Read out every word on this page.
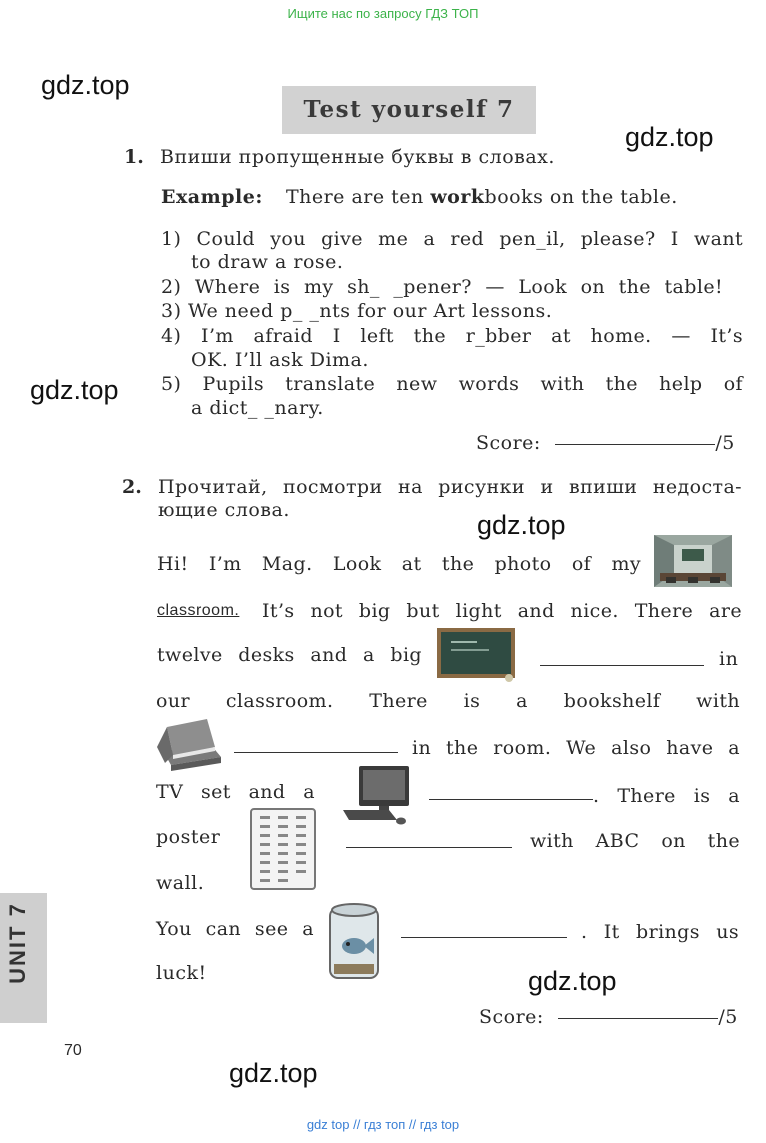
Ищите нас по запросу ГДЗ ТОП
gdz.top
gdz.top
gdz.top
gdz.top
gdz.top
gdz.top
Test yourself 7
1. Впиши пропущенные буквы в словах.
Example: There are ten workbooks on the table.
1) Could you give me a red pen_il, please? I want
to draw a rose.
2) Where is my sh_ _pener? — Look on the table!
3) We need p_ _nts for our Art lessons.
4) I’m afraid I left the r_bber at home. — It’s
OK. I’ll ask Dima.
5) Pupils translate new words with the help of
a dict_ _nary.
Score:	/5
2. Прочитай, посмотри на рисунки и впиши недоста-
ющие слова.
Hi! I’m Mag. Look at the photo of my
classroom. It’s not big but light and nice. There are
twelve desks and a big	in
our classroom. There is a bookshelf with
in the room. We also have a
TV set and a	. There is a
poster	with ABC on the
wall.
You can see a	. It brings us
luck!
Score:	/5
UNIT 7
70
gdz top // гдз топ // гдз top
